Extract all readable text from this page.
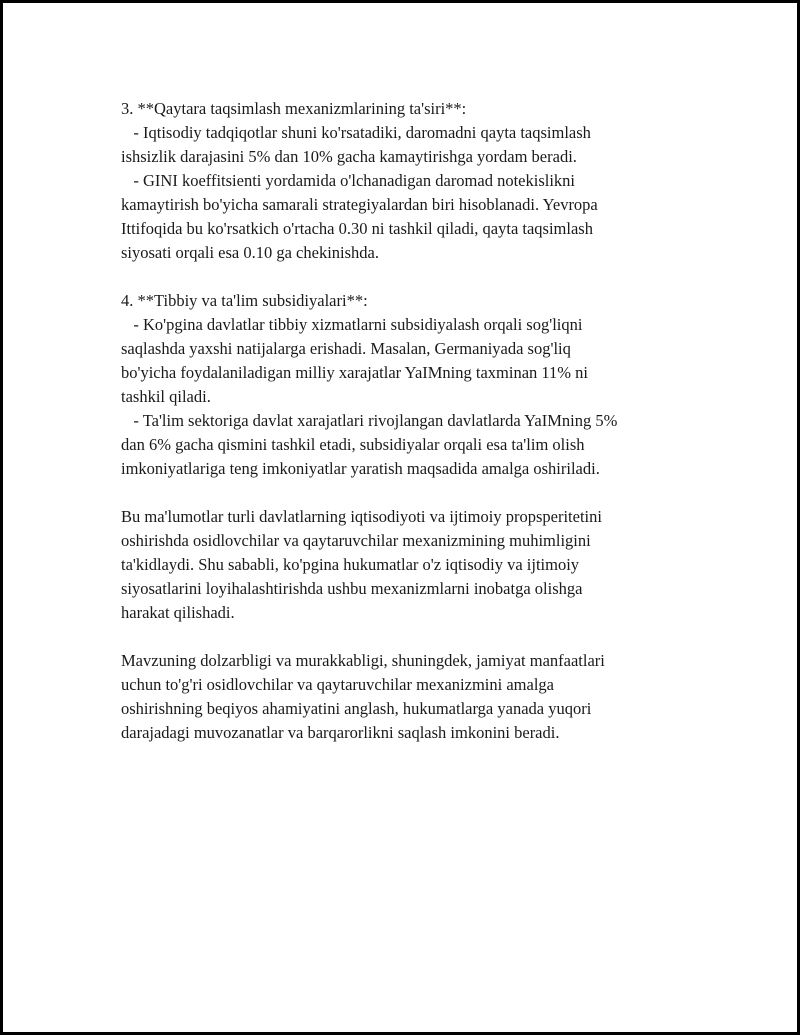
3. **Qaytara taqsimlash mexanizmlarining ta'siri**:
- Iqtisodiy tadqiqotlar shuni ko'rsatadiki, daromadni qayta taqsimlash
ishsizlik darajasini 5% dan 10% gacha kamaytirishga yordam beradi.
- GINI koeffitsienti yordamida o'lchanadigan daromad notekislikni
kamaytirish bo'yicha samarali strategiyalardan biri hisoblanadi. Yevropa
Ittifoqida bu ko'rsatkich o'rtacha 0.30 ni tashkil qiladi, qayta taqsimlash
siyosati orqali esa 0.10 ga chekinishda.
4. **Tibbiy va ta'lim subsidiyalari**:
- Ko'pgina davlatlar tibbiy xizmatlarni subsidiyalash orqali sog'liqni
saqlashda yaxshi natijalarga erishadi. Masalan, Germaniyada sog'liq
bo'yicha foydalaniladigan milliy xarajatlar YaIMning taxminan 11% ni
tashkil qiladi.
- Ta'lim sektoriga davlat xarajatlari rivojlangan davlatlarda YaIMning 5%
dan 6% gacha qismini tashkil etadi, subsidiyalar orqali esa ta'lim olish
imkoniyatlariga teng imkoniyatlar yaratish maqsadida amalga oshiriladi.
Bu ma'lumotlar turli davlatlarning iqtisodiyoti va ijtimoiy propsperitetini
oshirishda osidlovchilar va qaytaruvchilar mexanizmining muhimligini
ta'kidlaydi. Shu sababli, ko'pgina hukumatlar o'z iqtisodiy va ijtimoiy
siyosatlarini loyihalashtirishda ushbu mexanizmlarni inobatga olishga
harakat qilishadi.
Mavzuning dolzarbligi va murakkabligi, shuningdek, jamiyat manfaatlari
uchun to'g'ri osidlovchilar va qaytaruvchilar mexanizmini amalga
oshirishning beqiyos ahamiyatini anglash, hukumatlarga yanada yuqori
darajadagi muvozanatlar va barqarorlikni saqlash imkonini beradi.
